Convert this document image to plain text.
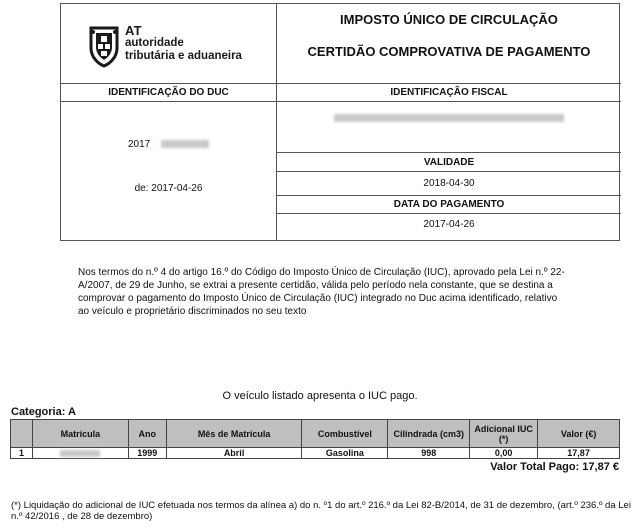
AT
autoridade
tributária e aduaneira
IMPOSTO ÚNICO DE CIRCULAÇÃO
CERTIDÃO COMPROVATIVA DE PAGAMENTO
IDENTIFICAÇÃO DO DUC	IDENTIFICAÇÃO FISCAL
2017
de: 2017-04-26
VALIDADE
2018-04-30
DATA DO PAGAMENTO
2017-04-26
Nos termos do n.º 4 do artigo 16.º do Código do Imposto Único de Circulação (IUC), aprovado pela Lei n.º 22-A/2007, de 29 de Junho, se extrai a presente certidão, válida pelo período nela constante, que se destina a comprovar o pagamento do Imposto Único de Circulação (IUC) integrado no Duc acima identificado, relativo ao veículo e proprietário discriminados no seu texto
O veículo listado apresenta o IUC pago.
Categoria: A
	Matrícula	Ano	Mês de Matrícula	Combustível	Cilindrada (cm3)	Adicional IUC (*)	Valor (€)
1		1999	Abril	Gasolina	998	0,00	17,87
Valor Total Pago: 17,87 €
(*) Liquidação do adicional de IUC efetuada nos termos da alínea a) do n. º1 do art.º 216.º da Lei 82-B/2014, de 31 de dezembro, (art.º 236.º da Lei n.º 42/2016 , de 28 de dezembro)
